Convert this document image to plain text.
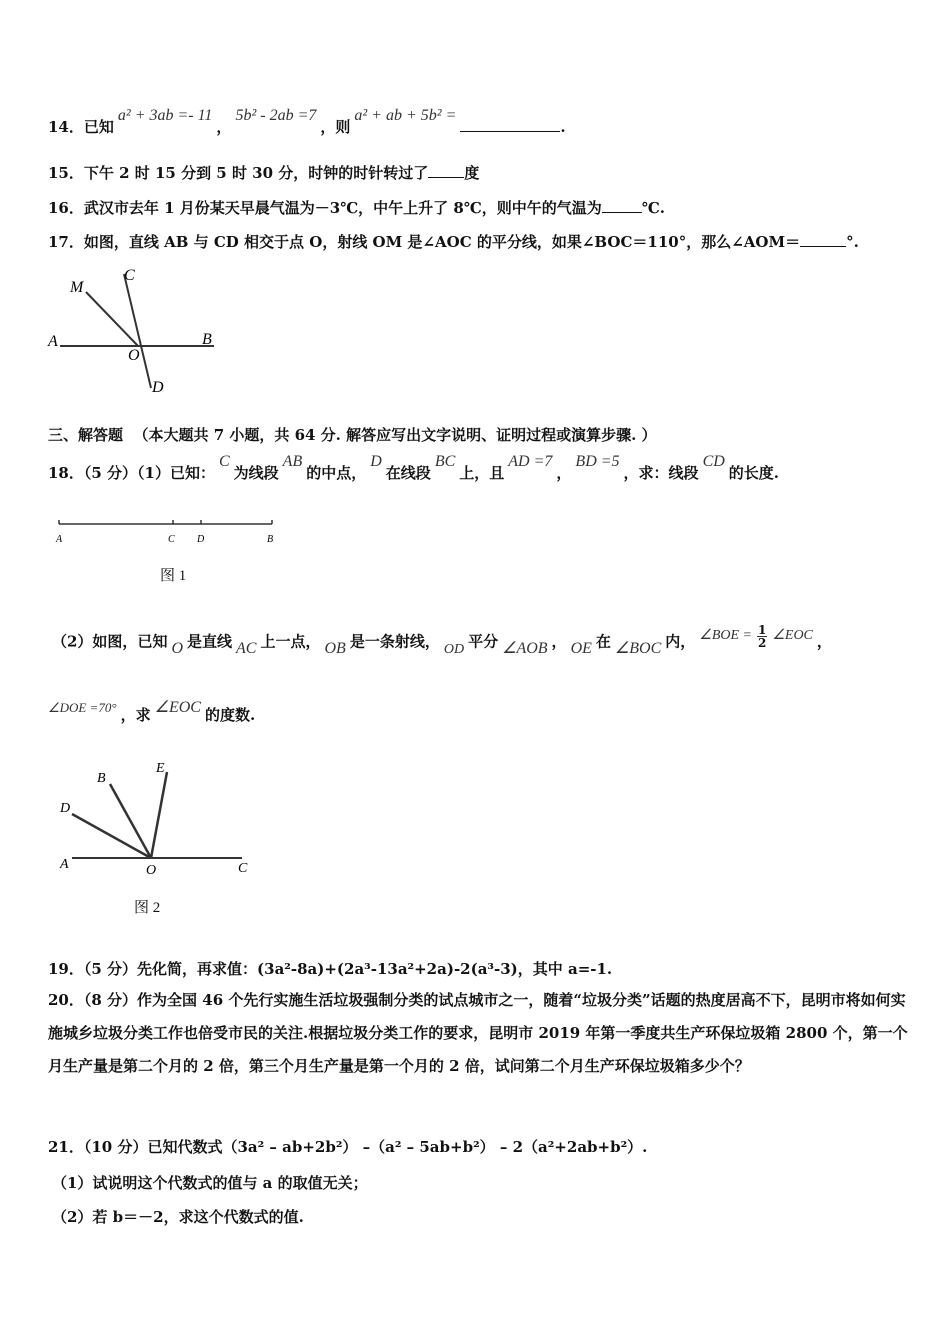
14．已知a² + 3ab =- 11，5b² - 2ab =7，则a² + ab + 5b² =.
15．下午 2 时 15 分到 5 时 30 分，时钟的时针转过了 度
16．武汉市去年 1 月份某天早晨气温为－3℃，中午上升了 8℃，则中午的气温为	℃.
17．如图，直线 AB 与 CD 相交于点 O，射线 OM 是∠AOC 的平分线，如果∠BOC＝110°，那么∠AOM＝	°.
M
C
A
O
B
D
三、解答题 （本大题共 7 小题，共 64 分. 解答应写出文字说明、证明过程或演算步骤. ）
18．（5 分）（1）已知：C为线段AB的中点，D在线段BC上，且AD =7，BD =5，求：线段CD的长度.
A	C D	B
图 1
（2）如图，已知 O 是直线 AC 上一点， OB 是一条射线， OD 平分 ∠AOB ， OE 在 ∠BOC 内， ∠BOE = $\frac{1}{2}$ ∠EOC ，
∠DOE =70° ，求 ∠EOC 的度数.
B
E
D
A	O	C
图 2
19．（5 分）先化简，再求值：(3a²-8a)+(2a³-13a²+2a)-2(a³-3)，其中 a=-1.
20．（8 分）作为全国 46 个先行实施生活垃圾强制分类的试点城市之一，随着“垃圾分类”话题的热度居高不下，昆明市将如何实施城乡垃圾分类工作也倍受市民的关注.根据垃圾分类工作的要求，昆明市 2019 年第一季度共生产环保垃圾箱 2800 个，第一个月生产量是第二个月的 2 倍，第三个月生产量是第一个月的 2 倍，试问第二个月生产环保垃圾箱多少个？
21．（10 分）已知代数式（3a² – ab+2b²） –（a² – 5ab+b²） – 2（a²+2ab+b²）.
（1）试说明这个代数式的值与 a 的取值无关；
（2）若 b＝－2，求这个代数式的值.
